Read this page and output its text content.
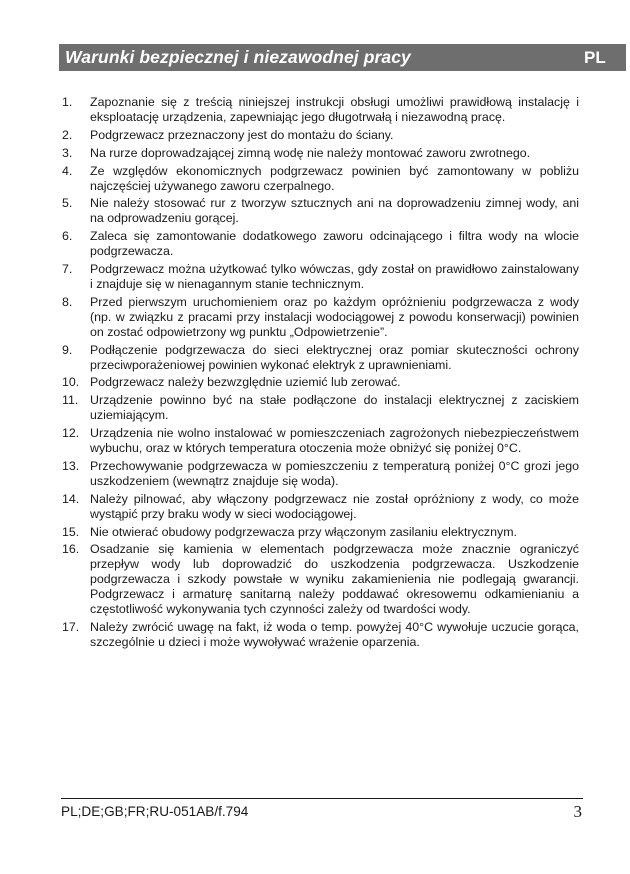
Warunki bezpiecznej i niezawodnej pracy	PL
1. Zapoznanie się z treścią niniejszej instrukcji obsługi umożliwi prawidłową instalację i eksploatację urządzenia, zapewniając jego długotrwałą i niezawodną pracę.
2. Podgrzewacz przeznaczony jest do montażu do ściany.
3. Na rurze doprowadzającej zimną wodę nie należy montować zaworu zwrotnego.
4. Ze względów ekonomicznych podgrzewacz powinien być zamontowany w pobliżu najczęściej używanego zaworu czerpalnego.
5. Nie należy stosować rur z tworzyw sztucznych ani na doprowadzeniu zimnej wody, ani na odprowadzeniu gorącej.
6. Zaleca się zamontowanie dodatkowego zaworu odcinającego i filtra wody na wlocie podgrzewacza.
7. Podgrzewacz można użytkować tylko wówczas, gdy został on prawidłowo zainstalowany i znajduje się w nienagannym stanie technicznym.
8. Przed pierwszym uruchomieniem oraz po każdym opróżnieniu podgrzewacza z wody (np. w związku z pracami przy instalacji wodociągowej z powodu konserwacji) powinien on zostać odpowietrzony wg punktu „Odpowietrzenie”.
9. Podłączenie podgrzewacza do sieci elektrycznej oraz pomiar skuteczności ochrony przeciwporażeniowej powinien wykonać elektryk z uprawnieniami.
10. Podgrzewacz należy bezwzględnie uziemić lub zerować.
11. Urządzenie powinno być na stałe podłączone do instalacji elektrycznej z zaciskiem uziemiającym.
12. Urządzenia nie wolno instalować w pomieszczeniach zagrożonych niebezpieczeństwem wybuchu, oraz w których temperatura otoczenia może obniżyć się poniżej 0°C.
13. Przechowywanie podgrzewacza w pomieszczeniu z temperaturą poniżej 0°C grozi jego uszkodzeniem (wewnątrz znajduje się woda).
14. Należy pilnować, aby włączony podgrzewacz nie został opróżniony z wody, co może wystąpić przy braku wody w sieci wodociągowej.
15. Nie otwierać obudowy podgrzewacza przy włączonym zasilaniu elektrycznym.
16. Osadzanie się kamienia w elementach podgrzewacza może znacznie ograniczyć przepływ wody lub doprowadzić do uszkodzenia podgrzewacza. Uszkodzenie podgrzewacza i szkody powstałe w wyniku zakamienienia nie podlegają gwarancji. Podgrzewacz i armaturę sanitarną należy poddawać okresowemu odkamienianiu a częstotliwość wykonywania tych czynności zależy od twardości wody.
17. Należy zwrócić uwagę na fakt, iż woda o temp. powyżej 40°C wywołuje uczucie gorąca, szczególnie u dzieci i może wywoływać wrażenie oparzenia.
PL;DE;GB;FR;RU-051AB/f.794	3
